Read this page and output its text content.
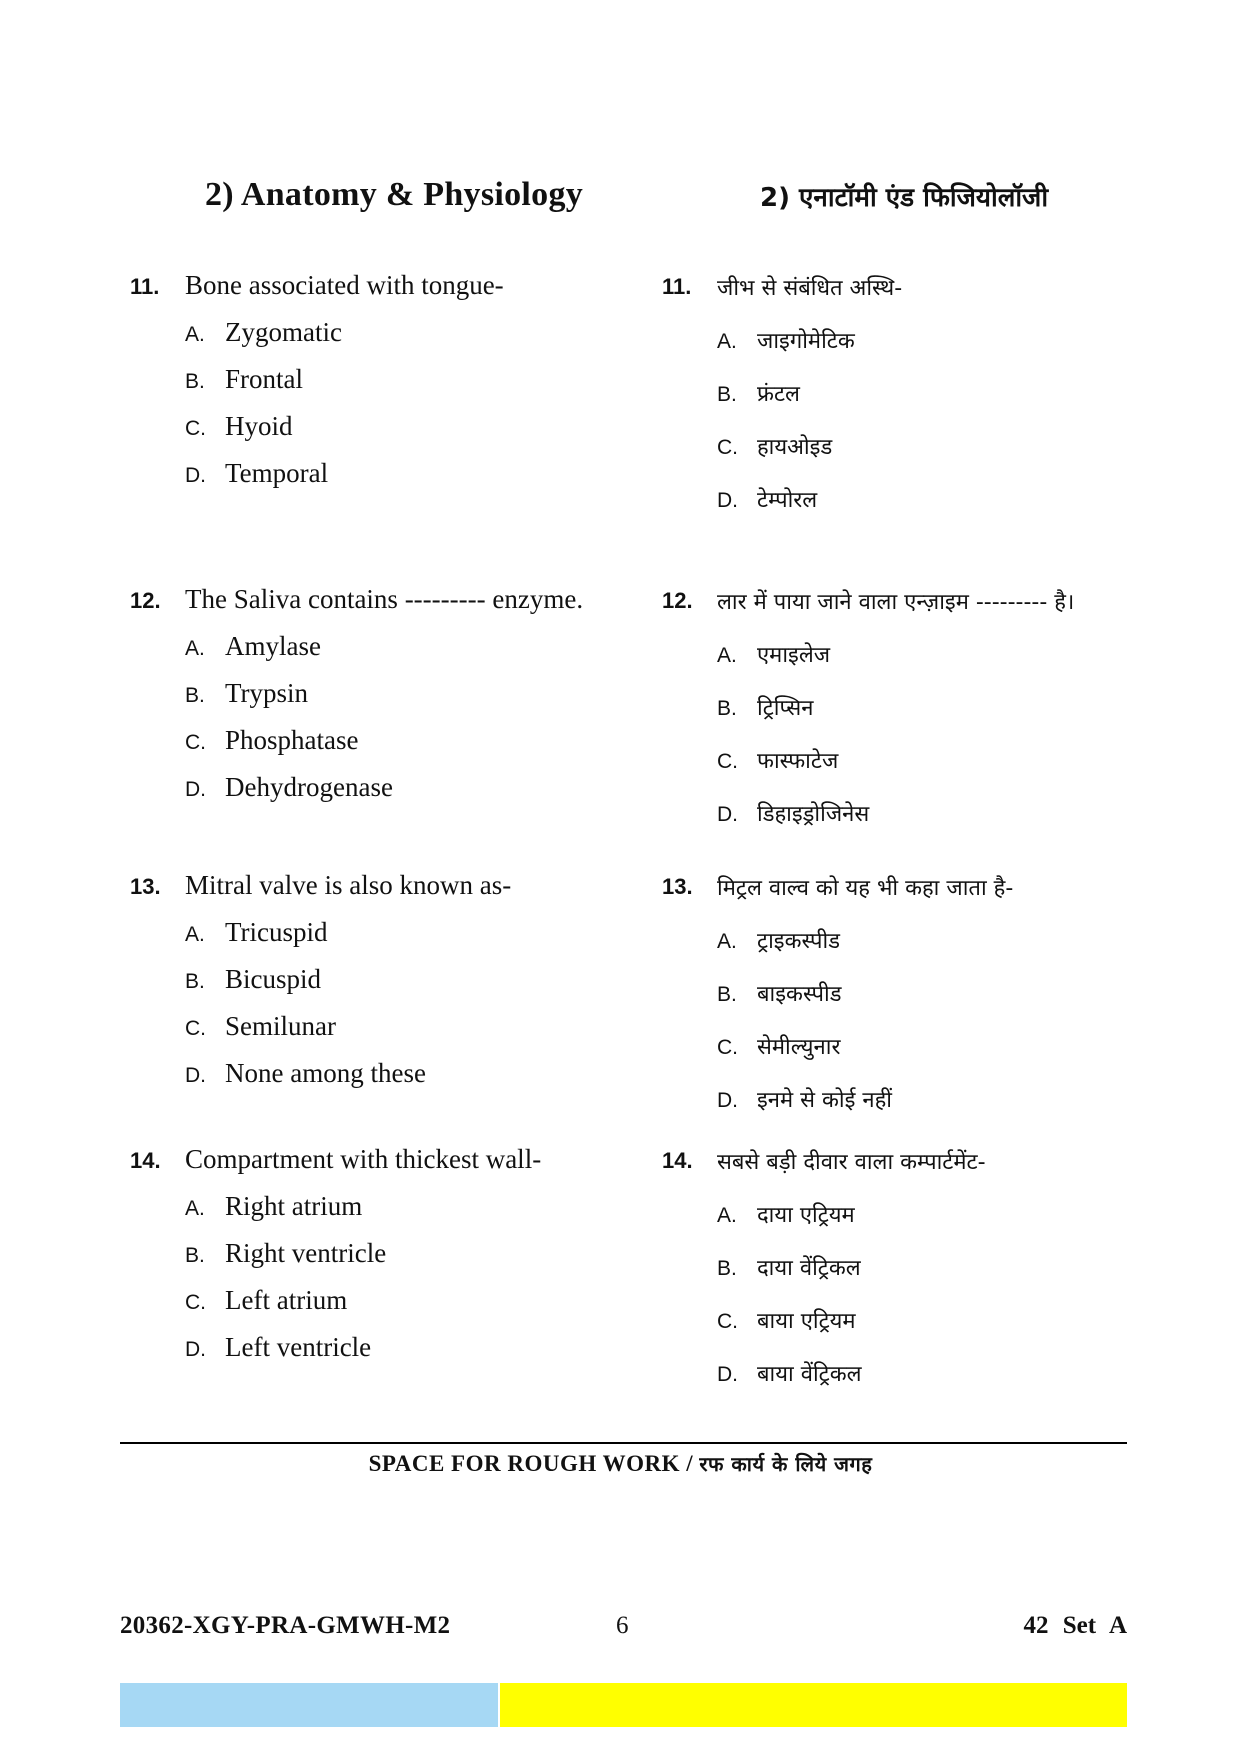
2) Anatomy & Physiology	2) एनाटॉमी एंड फिजियोलॉजी
11. Bone associated with tongue-
A. Zygomatic
B. Frontal
C. Hyoid
D. Temporal
11. जीभ से संबंधित अस्थि-
A. जाइगोमेटिक
B. फ्रंटल
C. हायओइड
D. टेम्पोरल
12. The Saliva contains --------- enzyme.
A. Amylase
B. Trypsin
C. Phosphatase
D. Dehydrogenase
12. लार में पाया जाने वाला एन्ज़ाइम --------- है।
A. एमाइलेज
B. ट्रिप्सिन
C. फास्फाटेज
D. डिहाइड्रोजिनेस
13. Mitral valve is also known as-
A. Tricuspid
B. Bicuspid
C. Semilunar
D. None among these
13. मिट्रल वाल्व को यह भी कहा जाता है-
A. ट्राइकस्पीड
B. बाइकस्पीड
C. सेमील्युनार
D. इनमे से कोई नहीं
14. Compartment with thickest wall-
A. Right atrium
B. Right ventricle
C. Left atrium
D. Left ventricle
14. सबसे बड़ी दीवार वाला कम्पार्टमेंट-
A. दाया एट्रियम
B. दाया वेंट्रिकल
C. बाया एट्रियम
D. बाया वेंट्रिकल
SPACE FOR ROUGH WORK / रफ कार्य के लिये जगह
20362-XGY-PRA-GMWH-M2	6	42 Set A
